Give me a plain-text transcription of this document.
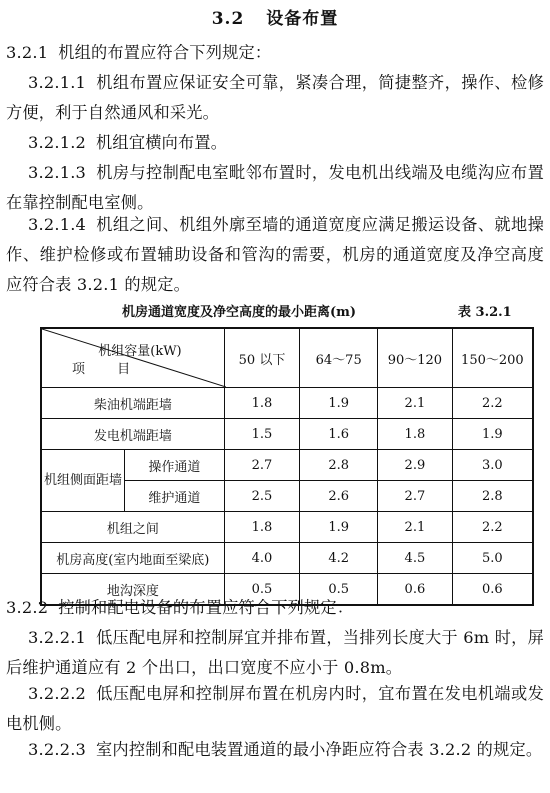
3.2 设备布置
3.2.1 机组的布置应符合下列规定：
3.2.1.1 机组布置应保证安全可靠，紧凑合理，简捷整齐，操作、检修方便，利于自然通风和采光。
3.2.1.2 机组宜横向布置。
3.2.1.3 机房与控制配电室毗邻布置时，发电机出线端及电缆沟应布置在靠控制配电室侧。
3.2.1.4 机组之间、机组外廓至墙的通道宽度应满足搬运设备、就地操作、维护检修或布置辅助设备和管沟的需要，机房的通道宽度及净空高度应符合表 3.2.1 的规定。
机房通道宽度及净空高度的最小距离(m)	表 3.2.1
机组容量(kW)
项 目		50 以下	64～75	90～120	150～200
柴油机端距墙		1.8	1.9	2.1	2.2
发电机端距墙		1.5	1.6	1.8	1.9
机组侧面距墙	操作通道	2.7	2.8	2.9	3.0
	维护通道	2.5	2.6	2.7	2.8
机组之间		1.8	1.9	2.1	2.2
机房高度(室内地面至梁底)		4.0	4.2	4.5	5.0
地沟深度		0.5	0.5	0.6	0.6
3.2.2 控制和配电设备的布置应符合下列规定：
3.2.2.1 低压配电屏和控制屏宜并排布置，当排列长度大于 6m 时，屏后维护通道应有 2 个出口，出口宽度不应小于 0.8m。
3.2.2.2 低压配电屏和控制屏布置在机房内时，宜布置在发电机端或发电机侧。
3.2.2.3 室内控制和配电装置通道的最小净距应符合表 3.2.2 的规定。
